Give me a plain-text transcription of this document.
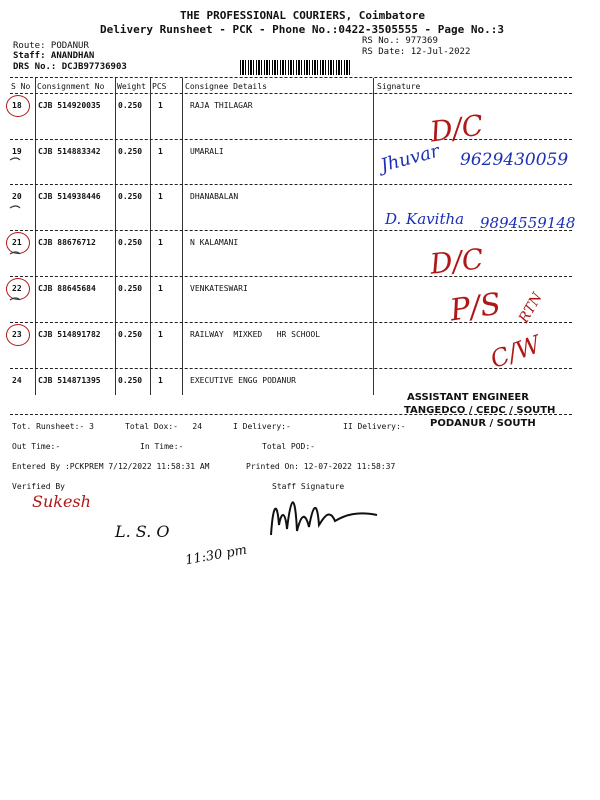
THE PROFESSIONAL COURIERS, Coimbatore
Delivery Runsheet - PCK - Phone No.:0422-3505555 - Page No.:3
Route: PODANUR
Staff: ANANDHAN
DRS No.: DCJB97736903
RS No.: 977369
RS Date: 12-Jul-2022
S No Consignment No Weight PCS Consignee Details	Signature
18 CJB 514920035 0.250 1	RAJA THILAGAR
19 CJB 514883342 0.250 1	UMARALI
20 CJB 514938446 0.250 1	DHANABALAN
21 CJB 88676712	0.250 1	N KALAMANI
22 CJB 88645684	0.250 1	VENKATESWARI
23 CJB 514891782 0.250 1	RAILWAY  MIXKED   HR SCHOOL
24 CJB 514871395 0.250 1	EXECUTIVE ENGG PODANUR
Tot. Runsheet:- 3	Total Dox:-   24	I Delivery:-	II Delivery:-
Out Time:-	In Time:-	Total POD:-
Entered By :PCKPREM 7/12/2022 11:58:31 AM	Printed On: 12-07-2022 11:58:37
Verified By	Staff Signature
ASSISTANT ENGINEER
TANGEDCO / CEDC / SOUTH
PODANUR / SOUTH
D/C
Jhuvar 9629430059
D. Kavitha 9894559148
D/C
P/S RTN
C/W
Sukesh
L. S. O
11:30 pm
